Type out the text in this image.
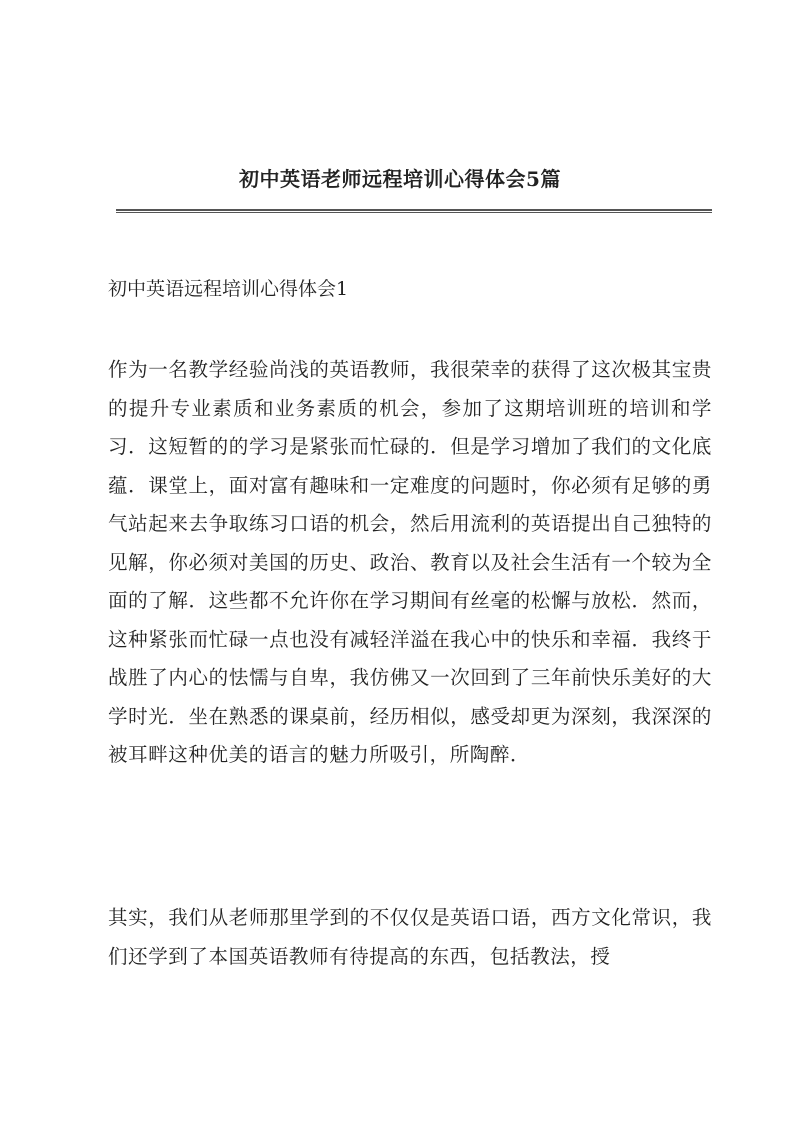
初中英语老师远程培训心得体会5篇
初中英语远程培训心得体会1

作为一名教学经验尚浅的英语教师，我很荣幸的获得了这次极其宝贵的提升专业素质和业务素质的机会，参加了这期培训班的培训和学习．这短暂的的学习是紧张而忙碌的．但是学习增加了我们的文化底蕴．课堂上，面对富有趣味和一定难度的问题时，你必须有足够的勇气站起来去争取练习口语的机会，然后用流利的英语提出自己独特的见解，你必须对美国的历史、政治、教育以及社会生活有一个较为全面的了解．这些都不允许你在学习期间有丝毫的松懈与放松．然而，这种紧张而忙碌一点也没有减轻洋溢在我心中的快乐和幸福．我终于战胜了内心的怯懦与自卑，我仿佛又一次回到了三年前快乐美好的大学时光．坐在熟悉的课桌前，经历相似，感受却更为深刻，我深深的被耳畔这种优美的语言的魅力所吸引，所陶醉．

其实，我们从老师那里学到的不仅仅是英语口语，西方文化常识，我们还学到了本国英语教师有待提高的东西，包括教法，授
